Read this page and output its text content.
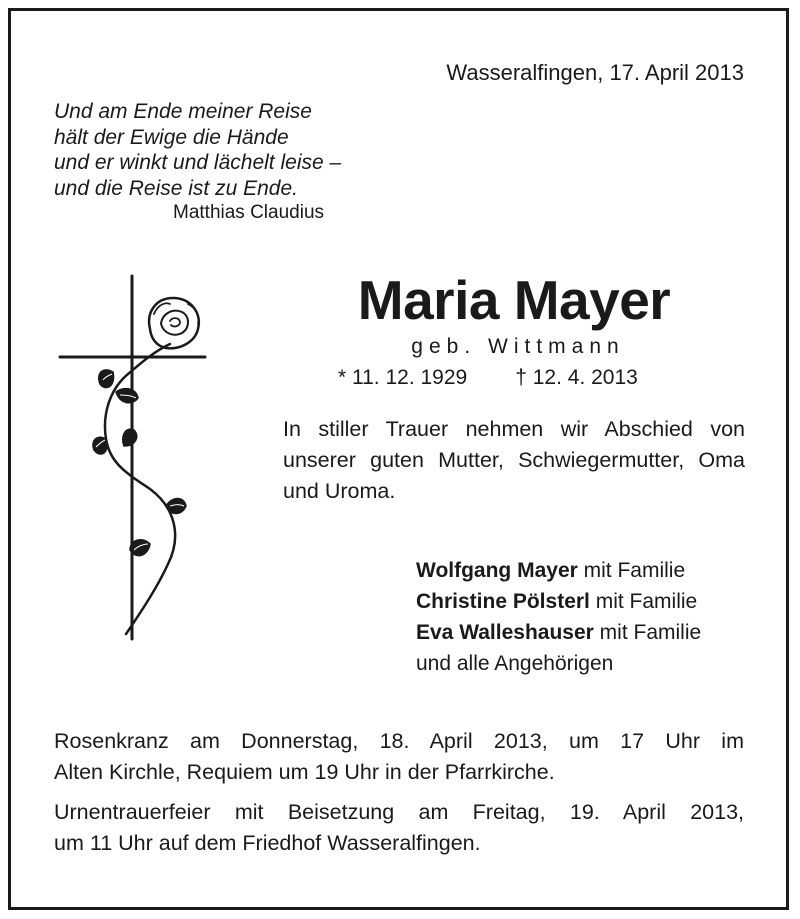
Wasseralfingen, 17. April 2013
Und am Ende meiner Reise
hält der Ewige die Hände
und er winkt und lächelt leise –
und die Reise ist zu Ende.
Matthias Claudius
Maria Mayer
geb. Wittmann
* 11. 12. 1929 † 12. 4. 2013
In stiller Trauer nehmen wir Abschied von unserer guten Mutter, Schwiegermutter, Oma und Uroma.
Wolfgang Mayer mit Familie
Christine Pölsterl mit Familie
Eva Walleshauser mit Familie
und alle Angehörigen

Rosenkranz am Donnerstag, 18. April 2013, um 17 Uhr im
Alten Kirchle, Requiem um 19 Uhr in der Pfarrkirche.

Urnentrauerfeier mit Beisetzung am Freitag, 19. April 2013,
um 11 Uhr auf dem Friedhof Wasseralfingen.
